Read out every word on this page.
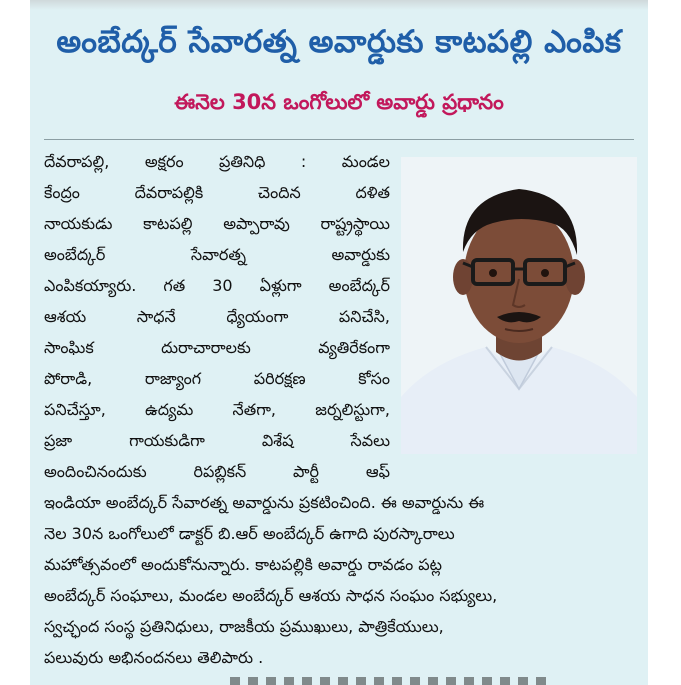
అంబేద్కర్ సేవారత్న అవార్డుకు కాటపల్లి ఎంపిక
ఈనెల 30న ఒంగోలులో అవార్డు ప్రధానం
దేవరాపల్లి, అక్షరం ప్రతినిధి : మండల
కేంద్రం దేవరాపల్లికి చెందిన దళిత
నాయకుడు కాటపల్లి అప్పారావు రాష్ట్రస్థాయి
అంబేద్కర్ సేవారత్న అవార్డుకు
ఎంపికయ్యారు. గత 30 ఏళ్లుగా అంబేద్కర్
ఆశయ సాధనే ధ్యేయంగా పనిచేసి,
సాంఘిక దురాచారాలకు వ్యతిరేకంగా
పోరాడి, రాజ్యాంగ పరిరక్షణ కోసం
పనిచేస్తూ, ఉద్యమ నేతగా, జర్నలిస్టుగా,
ప్రజా గాయకుడిగా విశేష సేవలు
అందించినందుకు రిపబ్లికన్ పార్టీ ఆఫ్
ఇండియా అంబేద్కర్ సేవారత్న అవార్డును ప్రకటించింది. ఈ అవార్డును ఈ
నెల 30న ఒంగోలులో డాక్టర్ బి.ఆర్ అంబేద్కర్ ఉగాది పురస్కారాలు
మహోత్సవంలో అందుకోనున్నారు. కాటపల్లికి అవార్డు రావడం పట్ల
అంబేద్కర్ సంఘాలు, మండల అంబేద్కర్ ఆశయ సాధన సంఘం సభ్యులు,
స్వచ్ఛంద సంస్థ ప్రతినిధులు, రాజకీయ ప్రముఖులు, పాత్రికేయులు,
పలువురు అభినందనలు తెలిపారు .
